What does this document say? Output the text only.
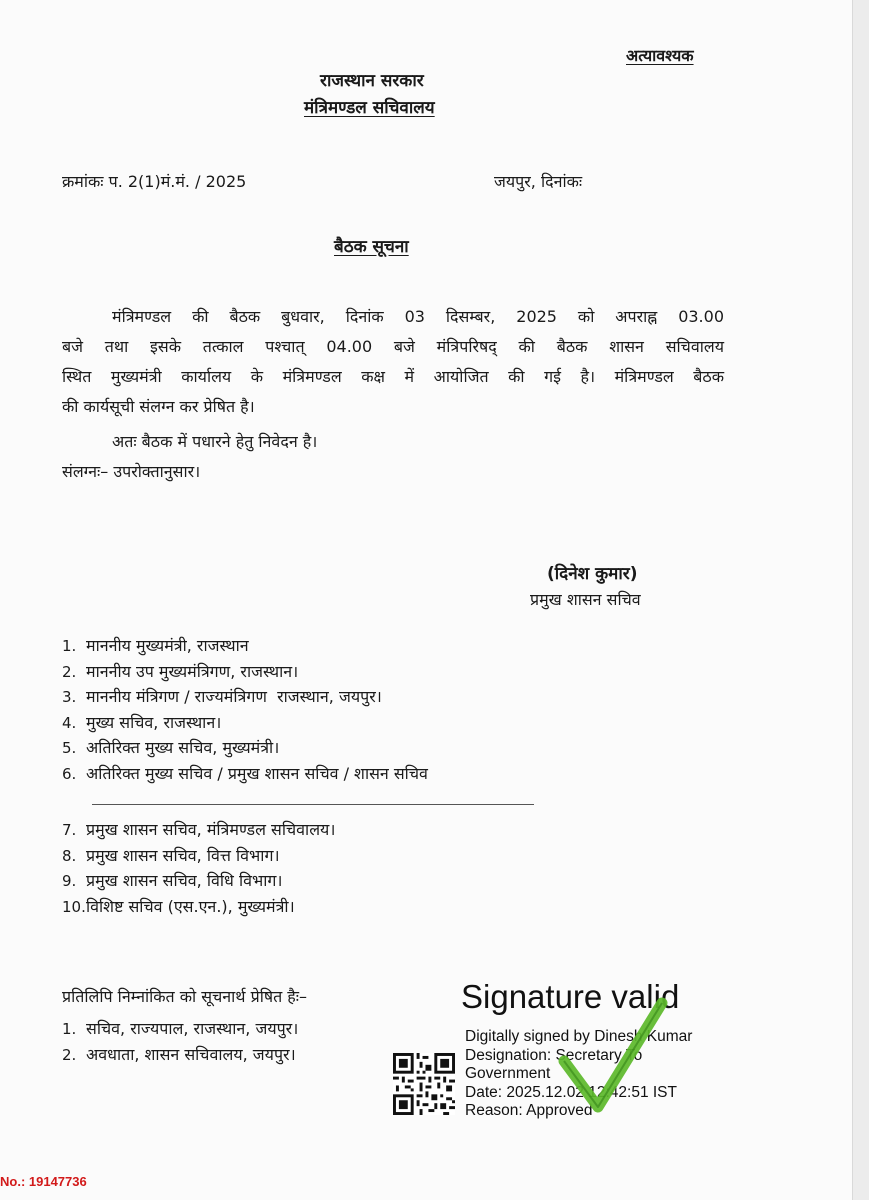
अत्यावश्यक
राजस्थान सरकार
मंत्रिमण्डल सचिवालय
क्रमांकः प. 2(1)मं.मं. / 2025	जयपुर, दिनांकः
बैठक सूचना
मंत्रिमण्डल की बैठक बुधवार, दिनांक 03 दिसम्बर, 2025 को अपराह्न 03.00
बजे तथा इसके तत्काल पश्चात् 04.00 बजे मंत्रिपरिषद् की बैठक शासन सचिवालय
स्थित मुख्यमंत्री कार्यालय के मंत्रिमण्डल कक्ष में आयोजित की गई है। मंत्रिमण्डल बैठक
की कार्यसूची संलग्न कर प्रेषित है।
अतः बैठक में पधारने हेतु निवेदन है।
संलग्नः– उपरोक्तानुसार।
(दिनेश कुमार)
प्रमुख शासन सचिव
1. माननीय मुख्यमंत्री, राजस्थान
2. माननीय उप मुख्यमंत्रिगण, राजस्थान।
3. माननीय मंत्रिगण / राज्यमंत्रिगण  राजस्थान, जयपुर।
4. मुख्य सचिव, राजस्थान।
5. अतिरिक्त मुख्य सचिव, मुख्यमंत्री।
6. अतिरिक्त मुख्य सचिव / प्रमुख शासन सचिव / शासन सचिव
7. प्रमुख शासन सचिव, मंत्रिमण्डल सचिवालय।
8. प्रमुख शासन सचिव, वित्त विभाग।
9. प्रमुख शासन सचिव, विधि विभाग।
10.विशिष्ट सचिव (एस.एन.), मुख्यमंत्री।
प्रतिलिपि निम्नांकित को सूचनार्थ प्रेषित हैः–
1. सचिव, राज्यपाल, राजस्थान, जयपुर।
2. अवधाता, शासन सचिवालय, जयपुर।
Signature valid
Digitally signed by Dinesh Kumar
Designation: Secretary To
Government
Date: 2025.12.02 12:42:51 IST
Reason: Approved
No.: 19147736
